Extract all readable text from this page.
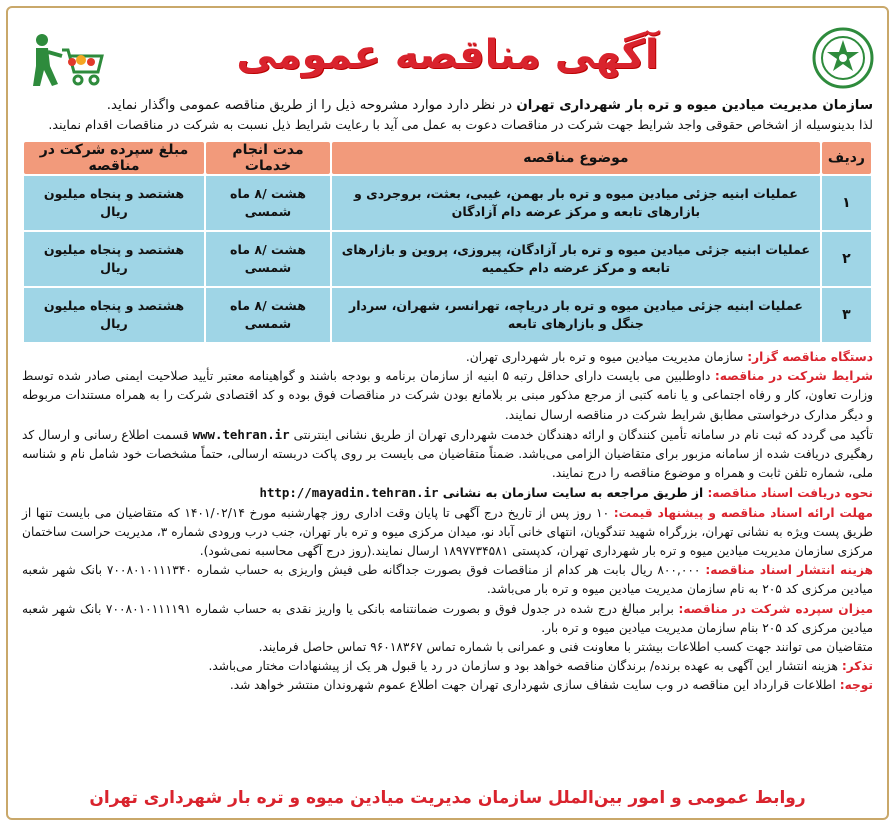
آگهی مناقصه عمومی
سازمان مدیریت میادین میوه و تره بار شهرداری تهران در نظر دارد موارد مشروحه ذیل را از طریق مناقصه عمومی واگذار نماید.
لذا بدینوسیله از اشخاص حقوقی واجد شرایط جهت شرکت در مناقصات دعوت به عمل می آید با رعایت شرایط ذیل نسبت به شرکت در مناقصات اقدام نمایند.
ردیف	موضوع مناقصه	مدت انجام خدمات	مبلغ سپرده شرکت در مناقصه
۱	عملیات ابنیه جزئی میادین میوه و تره بار بهمن، غیبی، بعثت، بروجردی و بازارهای تابعه و مرکز عرضه دام آزادگان	هشت /۸ ماه شمسی	هشتصد و پنجاه میلیون ریال
۲	عملیات ابنیه جزئی میادین میوه و تره بار آزادگان، پیروزی، پروین و بازارهای تابعه و مرکز عرضه دام حکیمیه	هشت /۸ ماه شمسی	هشتصد و پنجاه میلیون ریال
۳	عملیات ابنیه جزئی میادین میوه و تره بار دریاچه، تهرانسر، شهران، سردار جنگل و بازارهای تابعه	هشت /۸ ماه شمسی	هشتصد و پنجاه میلیون ریال

دستگاه مناقصه گزار: سازمان مدیریت میادین میوه و تره بار شهرداری تهران.

شرایط شرکت در مناقصه: داوطلبین می بایست دارای حداقل رتبه ۵ ابنیه از سازمان برنامه و بودجه باشند و گواهینامه معتبر تأیید صلاحیت ایمنی صادر شده توسط وزارت تعاون، کار و رفاه اجتماعی و یا نامه کتبی از مرجع مذکور مبنی بر بلامانع بودن شرکت در مناقصات فوق بوده و کد اقتصادی شرکت را به همراه مستندات مربوطه و دیگر مدارک درخواستی مطابق شرایط شرکت در مناقصه ارسال نمایند.

تأکید می گردد که ثبت نام در سامانه تأمین کنندگان و ارائه دهندگان خدمت شهرداری تهران از طریق نشانی اینترنتی www.tehran.ir قسمت اطلاع رسانی و ارسال کد رهگیری دریافت شده از سامانه مزبور برای متقاضیان الزامی می‌باشد. ضمناً متقاضیان می بایست بر روی پاکت دربسته ارسالی، حتماً مشخصات خود شامل نام و شناسه ملی، شماره تلفن ثابت و همراه و موضوع مناقصه را درج نمایند.

نحوه دریافت اسناد مناقصه: از طریق مراجعه به سایت سازمان به نشانی http://mayadin.tehran.ir

مهلت ارائه اسناد مناقصه و پیشنهاد قیمت: ۱۰ روز پس از تاریخ درج آگهی تا پایان وقت اداری روز چهارشنبه مورخ ۱۴۰۱/۰۲/۱۴ که متقاضیان می بایست تنها از طریق پست ویژه به نشانی تهران، بزرگراه شهید تندگویان، انتهای خانی آباد نو، میدان مرکزی میوه و تره بار تهران، جنب درب ورودی شماره ۳، مدیریت حراست ساختمان مرکزی سازمان مدیریت میادین میوه و تره بار شهرداری تهران، کدپستی ۱۸۹۷۷۳۴۵۸۱ ارسال نمایند.(روز درج آگهی محاسبه نمی‌شود).

هزینه انتشار اسناد مناقصه: ۸۰۰,۰۰۰ ریال بابت هر کدام از مناقصات فوق بصورت جداگانه طی فیش واریزی به حساب شماره ۷۰۰۸۰۱۰۱۱۱۳۴۰ بانک شهر شعبه میادین مرکزی کد ۲۰۵ به نام سازمان مدیریت میادین میوه و تره بار می‌باشد.

میزان سپرده شرکت در مناقصه: برابر مبالغ درج شده در جدول فوق و بصورت ضمانتنامه بانکی یا واریز نقدی به حساب شماره ۷۰۰۸۰۱۰۱۱۱۱۹۱ بانک شهر شعبه میادین مرکزی کد ۲۰۵ بنام سازمان مدیریت میادین میوه و تره بار.

متقاضیان می توانند جهت کسب اطلاعات بیشتر با معاونت فنی و عمرانی با شماره تماس ۹۶۰۱۸۳۶۷ تماس حاصل فرمایند.

تذکر: هزینه انتشار این آگهی به عهده برنده/ برندگان مناقصه خواهد بود و سازمان در رد یا قبول هر یک از پیشنهادات مختار می‌باشد.

توجه: اطلاعات قرارداد این مناقصه در وب سایت شفاف سازی شهرداری تهران جهت اطلاع عموم شهروندان منتشر خواهد شد.

روابط عمومی و امور بین‌الملل سازمان مدیریت میادین میوه و تره بار شهرداری تهران
